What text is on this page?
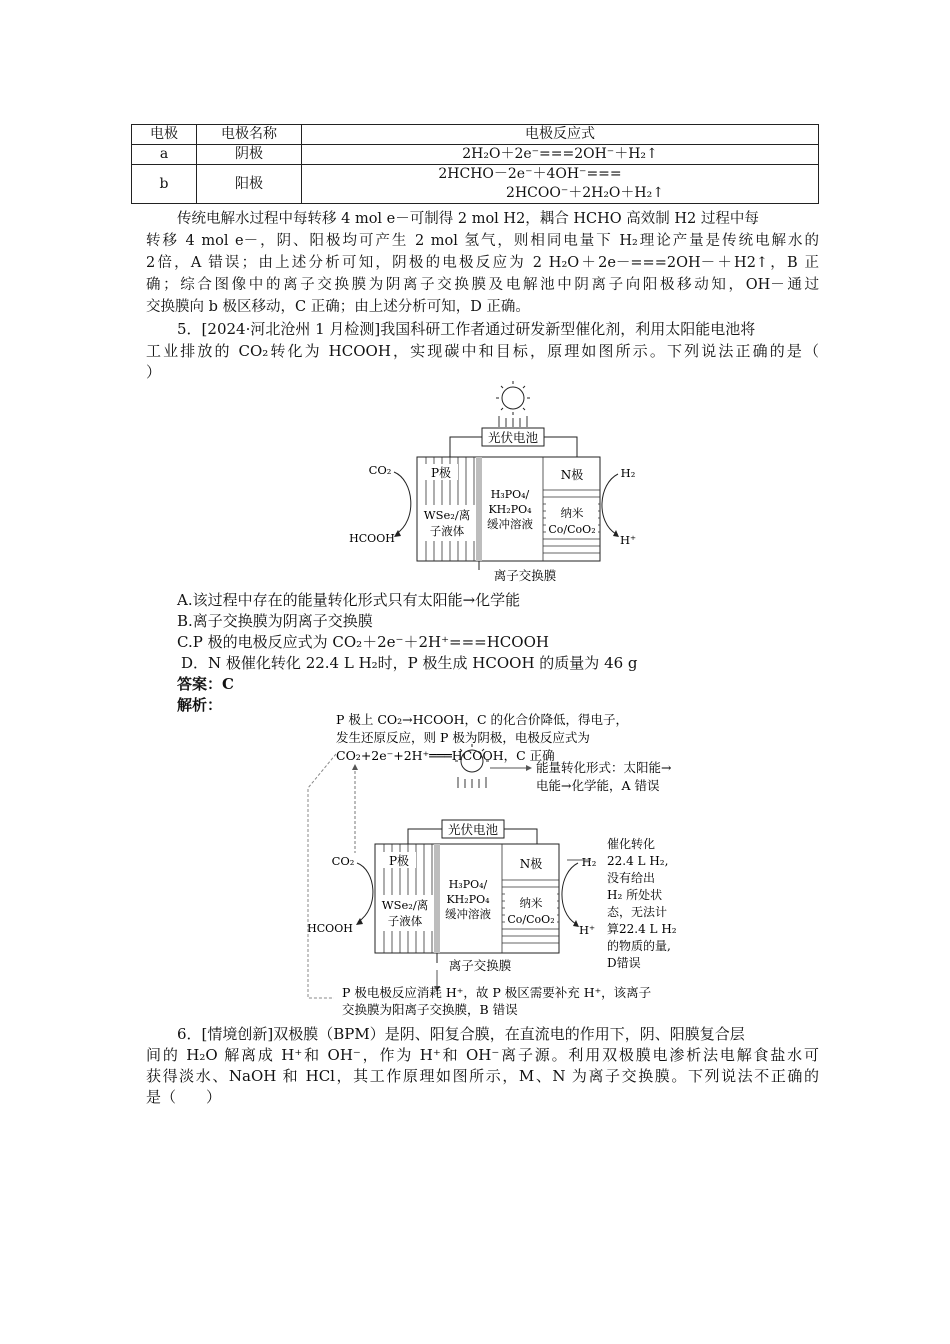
电极	电极名称	电极反应式
a	阴极	2H₂O＋2e⁻===2OH⁻＋H₂↑
b	阳极	2HCHO－2e⁻＋4OH⁻===
2HCOO⁻＋2H₂O＋H₂↑
传统电解水过程中每转移 4 mol e－可制得 2 mol H2，耦合 HCHO 高效制 H2 过程中每
转移 4 mol e－，阴、阳极均可产生 2 mol 氢气，则相同电量下 H₂理论产量是传统电解水的
2倍，A 错误；由上述分析可知，阴极的电极反应为 2 H₂O＋2e－===2OH－＋H2↑，B 正
确；综合图像中的离子交换膜为阴离子交换膜及电解池中阴离子向阳极移动知，OH－通过
交换膜向 b 极区移动，C 正确；由上述分析可知，D 正确。
5．[2024·河北沧州 1 月检测]我国科研工作者通过研发新型催化剂，利用太阳能电池将
工业排放的 CO₂转化为 HCOOH，实现碳中和目标，原理如图所示。下列说法正确的是（
）
光伏电池
P极
WSe₂/离
子液体
H₃PO₄/
KH₂PO₄
缓冲溶液
N极
纳米
Co/CoO₂
CO₂
HCOOH
H₂
H⁺
离子交换膜
A.该过程中存在的能量转化形式只有太阳能→化学能
B.离子交换膜为阴离子交换膜
C.P 极的电极反应式为 CO₂＋2e⁻＋2H⁺===HCOOH
D．N 极催化转化 22.4 L H₂时，P 极生成 HCOOH 的质量为 46 g
答案：C
解析：
P 极上 CO₂→HCOOH，C 的化合价降低，得电子，
发生还原反应，则 P 极为阴极，电极反应式为
CO₂+2e⁻+2H⁺═══HCOOH，C 正确
能量转化形式：太阳能→
电能→化学能，A 错误
光伏电池
P极
WSe₂/离
子液体
H₃PO₄/
KH₂PO₄
缓冲溶液
N极
纳米
Co/CoO₂
CO₂
HCOOH
H₂
H⁺
催化转化
22.4 L H₂,
没有给出
H₂ 所处状
态，无法计
算22.4 L H₂
的物质的量,
D错误
离子交换膜
P 极电极反应消耗 H⁺，故 P 极区需要补充 H⁺，该离子
交换膜为阳离子交换膜，B 错误
6．[情境创新]双极膜（BPM）是阴、阳复合膜，在直流电的作用下，阴、阳膜复合层
间的 H₂O 解离成 H⁺和 OH⁻，作为 H⁺和 OH⁻离子源。利用双极膜电渗析法电解食盐水可
获得淡水、NaOH 和 HCl，其工作原理如图所示，M、N 为离子交换膜。下列说法不正确的
是（　　）
